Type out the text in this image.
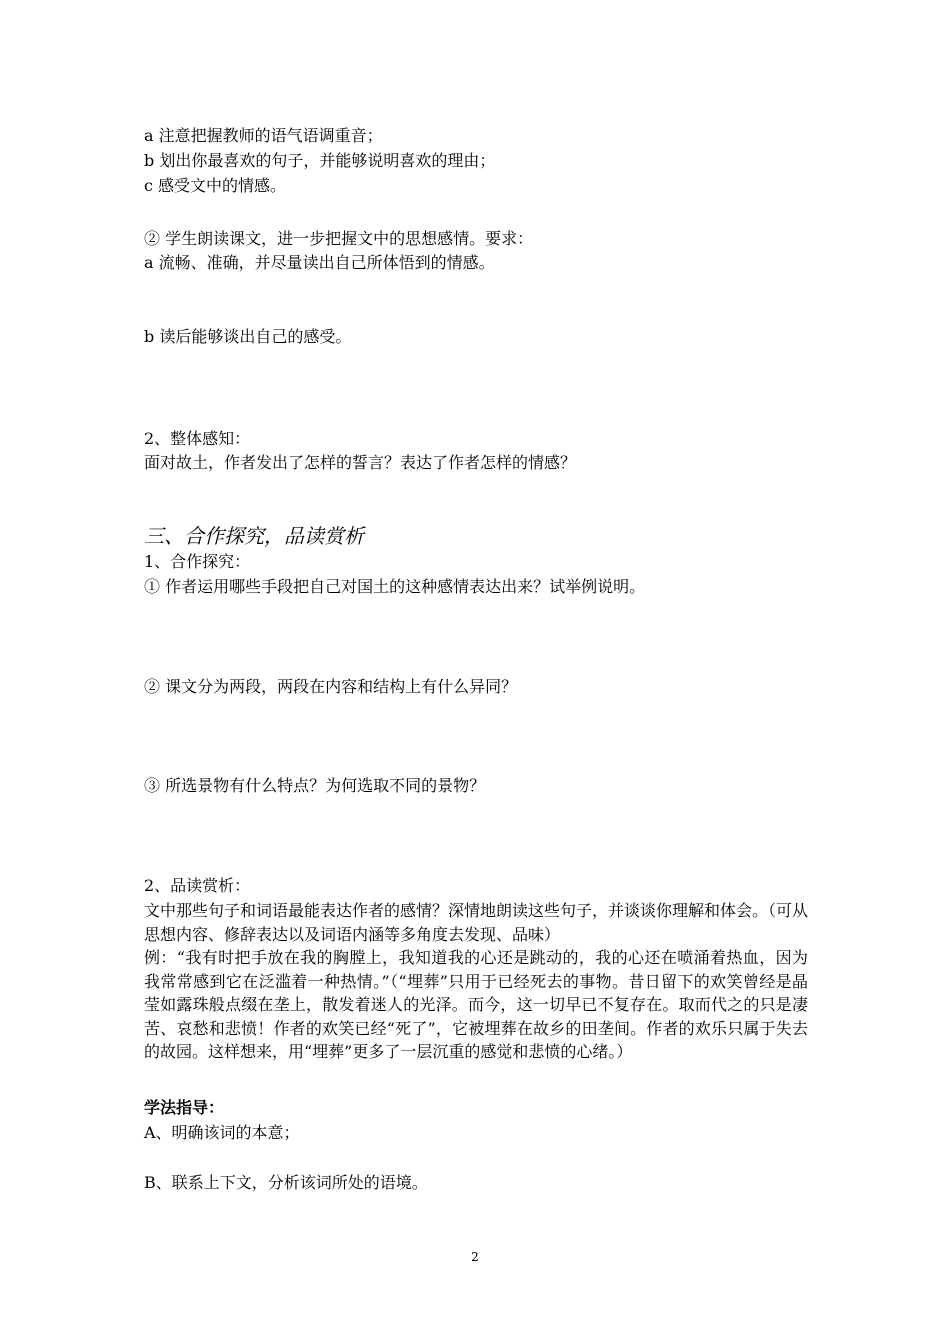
a 注意把握教师的语气语调重音；
b 划出你最喜欢的句子，并能够说明喜欢的理由；
c 感受文中的情感。
② 学生朗读课文，进一步把握文中的思想感情。要求：
a 流畅、准确，并尽量读出自己所体悟到的情感。
b 读后能够谈出自己的感受。
2、整体感知：
面对故土，作者发出了怎样的誓言？表达了作者怎样的情感？
三、合作探究，品读赏析
1、合作探究：
① 作者运用哪些手段把自己对国土的这种感情表达出来？试举例说明。
② 课文分为两段，两段在内容和结构上有什么异同？
③ 所选景物有什么特点？为何选取不同的景物？
2、品读赏析：

文中那些句子和词语最能表达作者的感情？深情地朗读这些句子，并谈谈你理解和体会。（可从思想内容、修辞表达以及词语内涵等多角度去发现、品味）

例：“我有时把手放在我的胸膛上，我知道我的心还是跳动的，我的心还在喷涌着热血，因为我常常感到它在泛滥着一种热情。”（“埋葬”只用于已经死去的事物。昔日留下的欢笑曾经是晶莹如露珠般点缀在垄上，散发着迷人的光泽。而今，这一切早已不复存在。取而代之的只是凄苦、哀愁和悲愤！作者的欢笑已经“死了”，它被埋葬在故乡的田垄间。作者的欢乐只属于失去的故园。这样想来，用“埋葬”更多了一层沉重的感觉和悲愤的心绪。）

学法指导：
A、明确该词的本意；
B、联系上下文，分析该词所处的语境。
2
